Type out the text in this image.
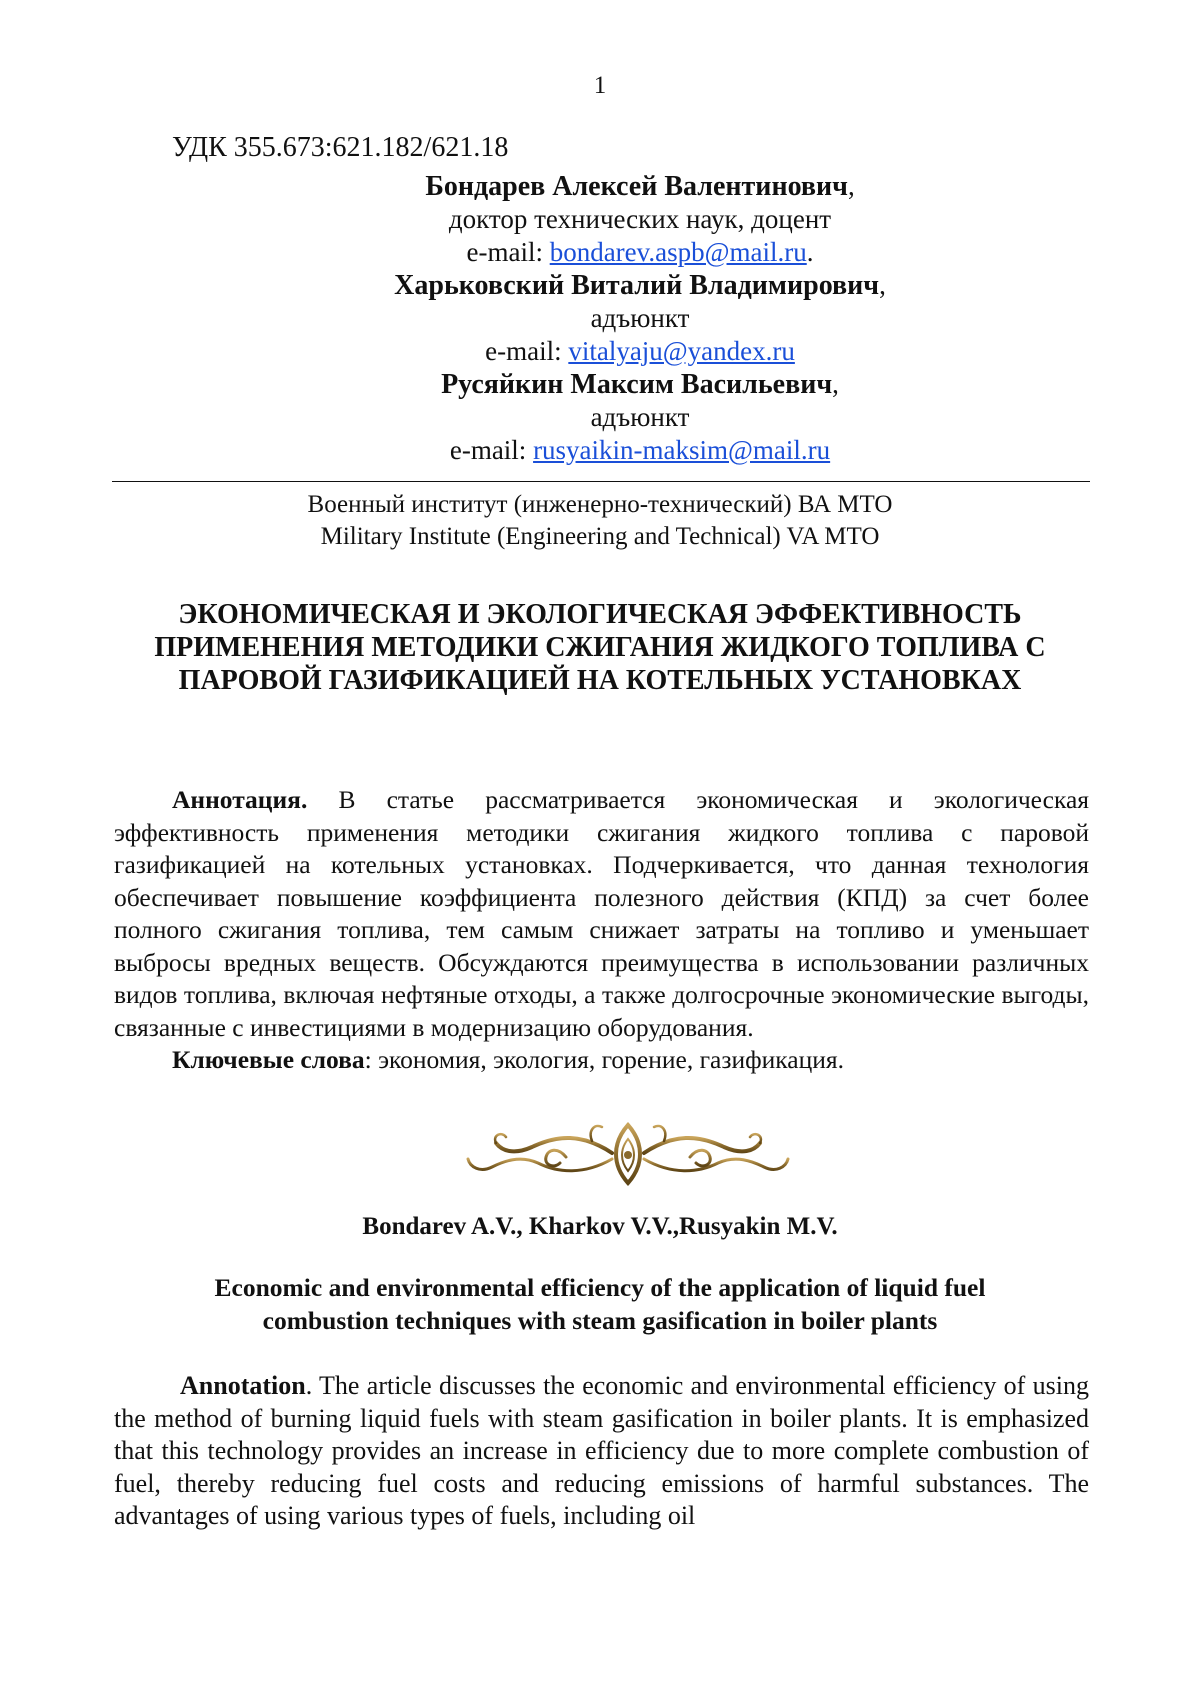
1
УДК 355.673:621.182/621.18
Бондарев Алексей Валентинович,
доктор технических наук, доцент
e-mail: bondarev.aspb@mail.ru.
Харьковский Виталий Владимирович,
адъюнкт
e-mail: vitalyaju@yandex.ru
Русяйкин Максим Васильевич,
адъюнкт
e-mail: rusyaikin-maksim@mail.ru
Военный институт (инженерно-технический) ВА МТО
Military Institute (Engineering and Technical) VA MTO
ЭКОНОМИЧЕСКАЯ И ЭКОЛОГИЧЕСКАЯ ЭФФЕКТИВНОСТЬ ПРИМЕНЕНИЯ МЕТОДИКИ СЖИГАНИЯ ЖИДКОГО ТОПЛИВА С ПАРОВОЙ ГАЗИФИКАЦИЕЙ НА КОТЕЛЬНЫХ УСТАНОВКАХ

Аннотация. В статье рассматривается экономическая и экологическая эффективность применения методики сжигания жидкого топлива с паровой газификацией на котельных установках. Подчеркивается, что данная технология обеспечивает повышение коэффициента полезного действия (КПД) за счет более полного сжигания топлива, тем самым снижает затраты на топливо и уменьшает выбросы вредных веществ. Обсуждаются преимущества в использовании различных видов топлива, включая нефтяные отходы, а также долгосрочные экономические выгоды, связанные с инвестициями в модернизацию оборудования.

Ключевые слова: экономия, экология, горение, газификация.

Bondarev A.V., Kharkov V.V.,Rusyakin M.V.
Economic and environmental efficiency of the application of liquid fuel
combustion techniques with steam gasification in boiler plants

Annotation. The article discusses the economic and environmental efficiency of using the method of burning liquid fuels with steam gasification in boiler plants. It is emphasized that this technology provides an increase in efficiency due to more complete combustion of fuel, thereby reducing fuel costs and reducing emissions of harmful substances. The advantages of using various types of fuels, including oil
